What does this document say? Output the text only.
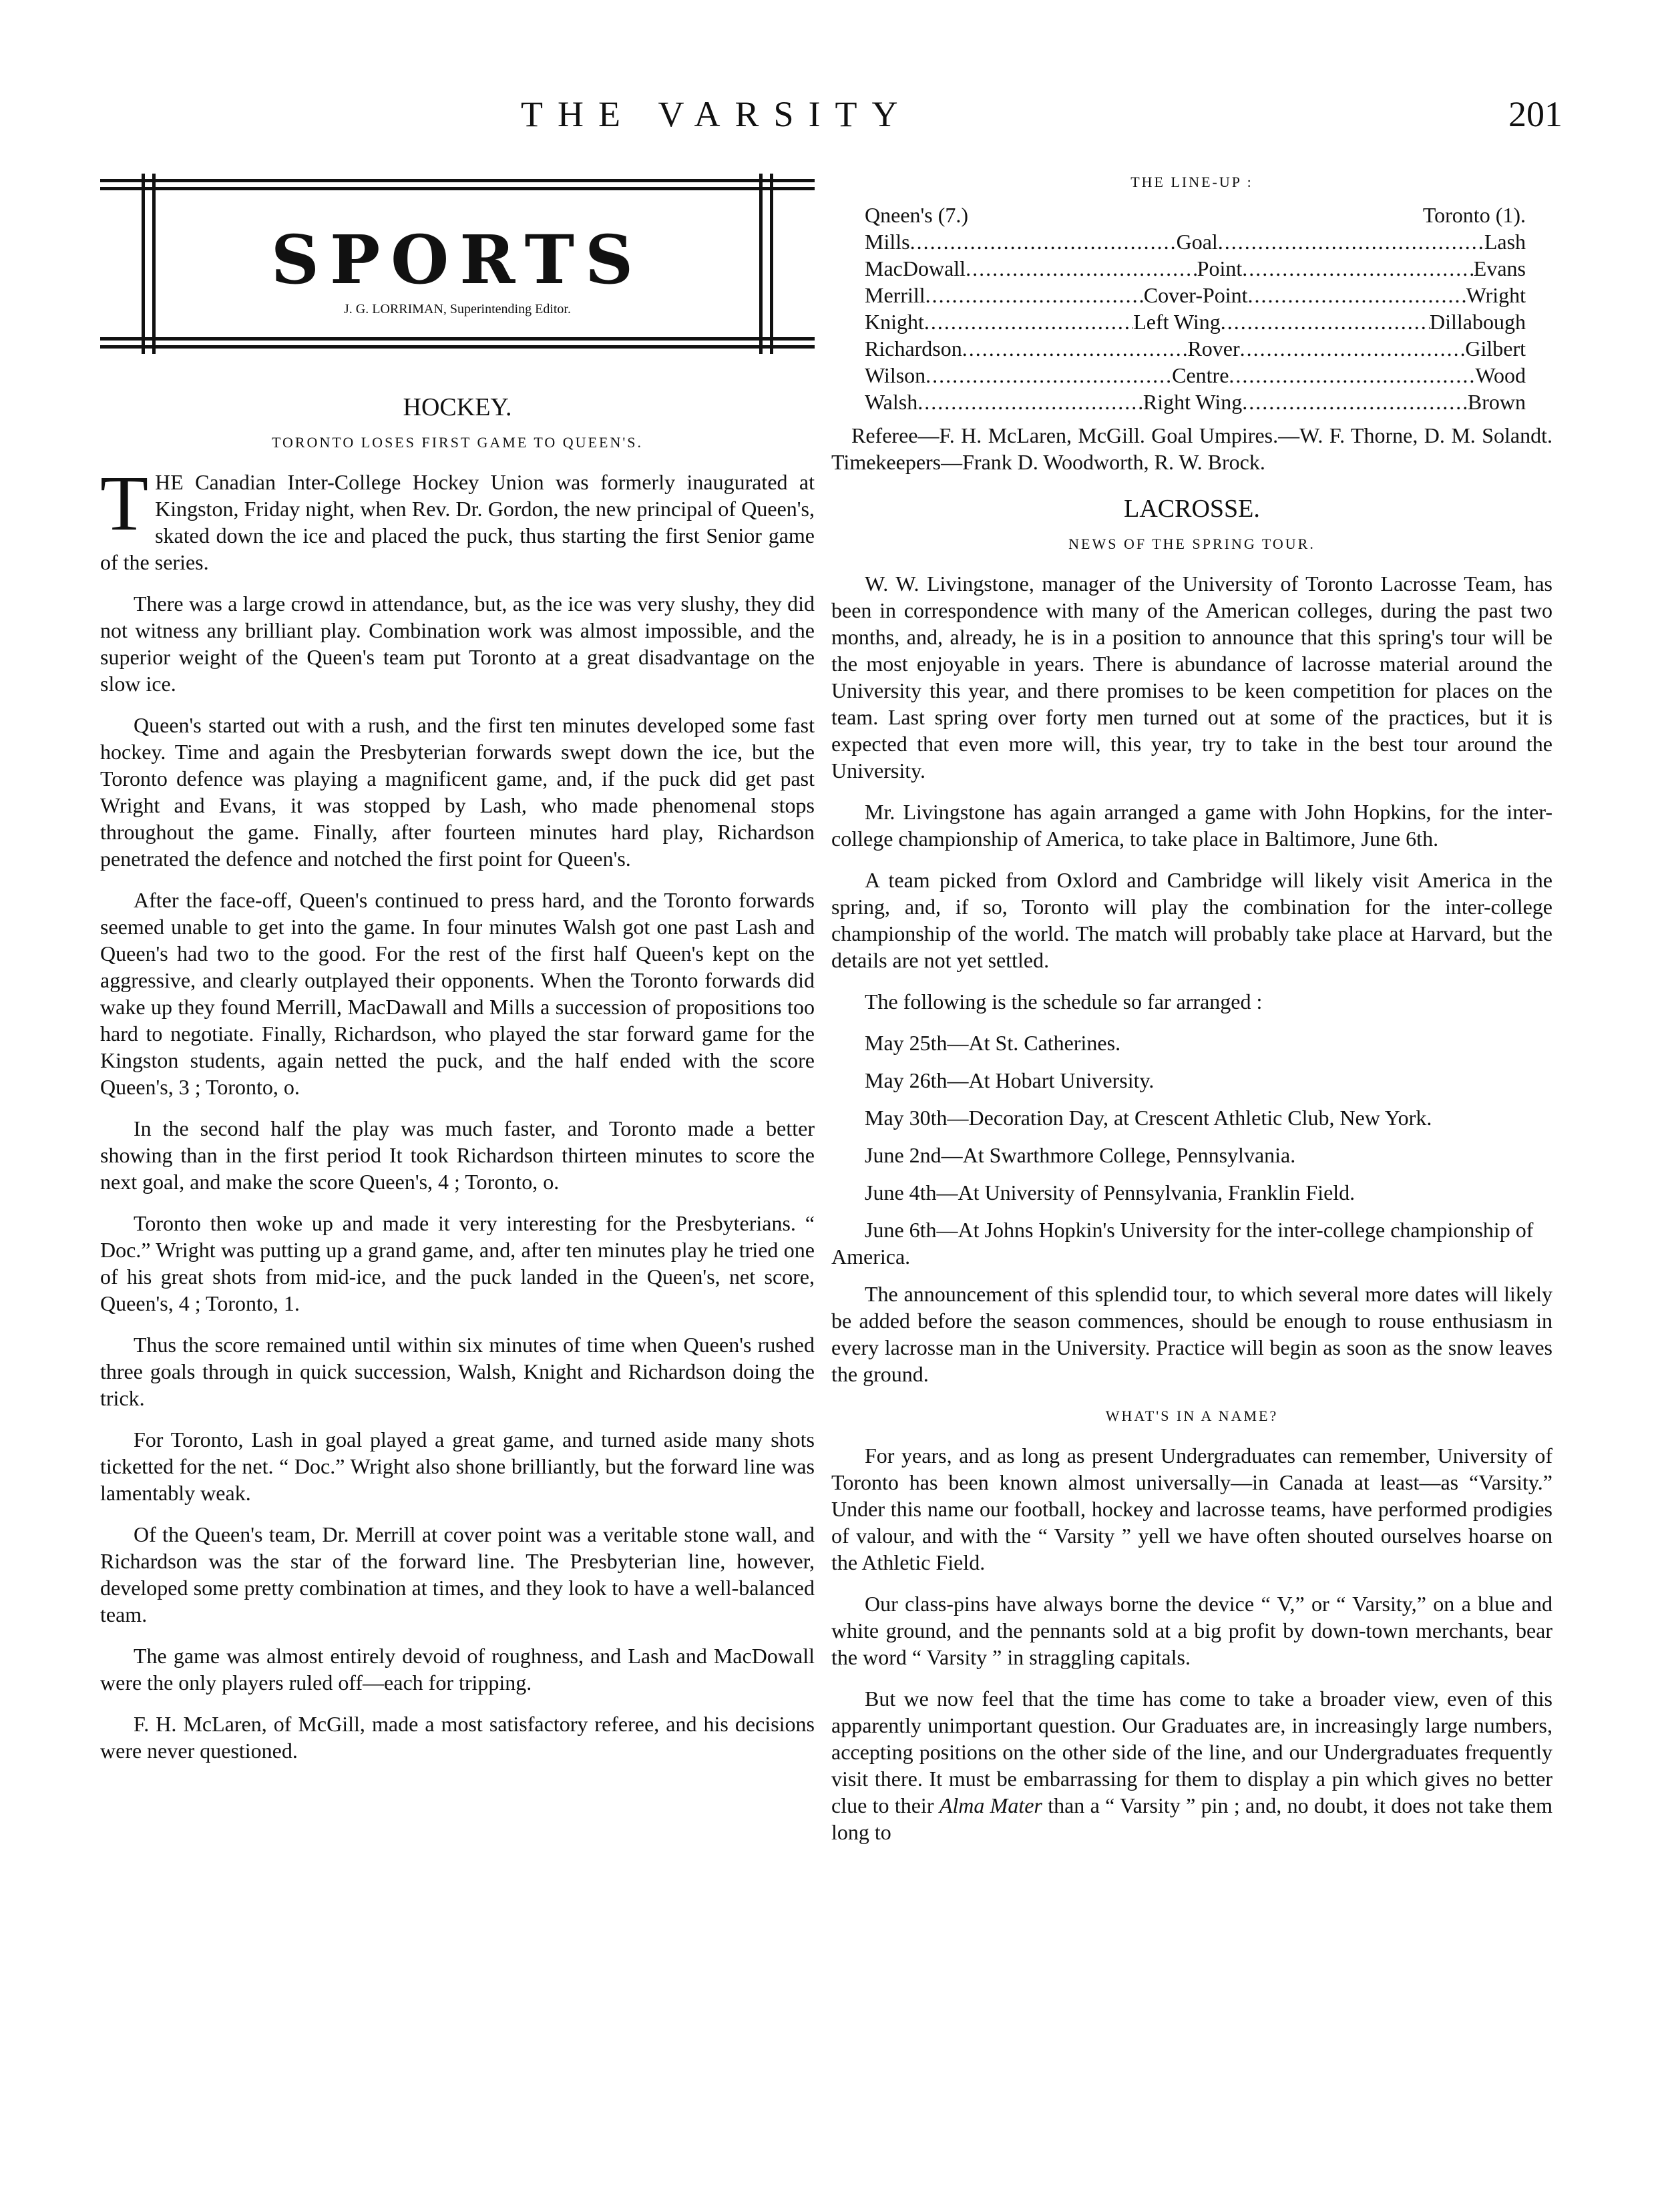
THE VARSITY	201
SPORTS
J. G. LORRIMAN, Superintending Editor.
HOCKEY.
TORONTO LOSES FIRST GAME TO QUEEN'S.

THE Canadian Inter-College Hockey Union was formerly inaugurated at Kingston, Friday night, when Rev. Dr. Gordon, the new principal of Queen's, skated down the ice and placed the puck, thus starting the first Senior game of the series.

There was a large crowd in attendance, but, as the ice was very slushy, they did not witness any brilliant play. Combination work was almost impossible, and the superior weight of the Queen's team put Toronto at a great disadvantage on the slow ice.

Queen's started out with a rush, and the first ten minutes developed some fast hockey. Time and again the Presbyterian forwards swept down the ice, but the Toronto defence was playing a magnificent game, and, if the puck did get past Wright and Evans, it was stopped by Lash, who made phenomenal stops throughout the game. Finally, after fourteen minutes hard play, Richardson penetrated the defence and notched the first point for Queen's.

After the face-off, Queen's continued to press hard, and the Toronto forwards seemed unable to get into the game. In four minutes Walsh got one past Lash and Queen's had two to the good. For the rest of the first half Queen's kept on the aggressive, and clearly outplayed their opponents. When the Toronto forwards did wake up they found Merrill, MacDawall and Mills a succession of propositions too hard to negotiate. Finally, Richardson, who played the star forward game for the Kingston students, again netted the puck, and the half ended with the score Queen's, 3 ; Toronto, o.

In the second half the play was much faster, and Toronto made a better showing than in the first period It took Richardson thirteen minutes to score the next goal, and make the score Queen's, 4 ; Toronto, o.

Toronto then woke up and made it very interesting for the Presbyterians. “ Doc.” Wright was putting up a grand game, and, after ten minutes play he tried one of his great shots from mid-ice, and the puck landed in the Queen's, net score, Queen's, 4 ; Toronto, 1.

Thus the score remained until within six minutes of time when Queen's rushed three goals through in quick succession, Walsh, Knight and Richardson doing the trick.

For Toronto, Lash in goal played a great game, and turned aside many shots ticketted for the net. “ Doc.” Wright also shone brilliantly, but the forward line was lamentably weak.

Of the Queen's team, Dr. Merrill at cover point was a veritable stone wall, and Richardson was the star of the forward line. The Presbyterian line, however, developed some pretty combination at times, and they look to have a well-balanced team.

The game was almost entirely devoid of roughness, and Lash and MacDowall were the only players ruled off—each for tripping.

F. H. McLaren, of McGill, made a most satisfactory referee, and his decisions were never questioned.

THE LINE-UP :
Qneen's (7.)	Toronto (1).
Mills .....	Goal .....	Lash
MacDowall .....	Point .....	Evans
Merrill .....	Cover-Point .....	Wright
Knight .....	Left Wing .....	Dillabough
Richardson .....	Rover .....	Gilbert
Wilson .....	Centre .....	Wood
Walsh .....	Right Wing .....	Brown

Referee—F. H. McLaren, McGill. Goal Umpires.—W. F. Thorne, D. M. Solandt. Timekeepers—Frank D. Woodworth, R. W. Brock.

LACROSSE.
NEWS OF THE SPRING TOUR.

W. W. Livingstone, manager of the University of Toronto Lacrosse Team, has been in correspondence with many of the American colleges, during the past two months, and, already, he is in a position to announce that this spring's tour will be the most enjoyable in years. There is abundance of lacrosse material around the University this year, and there promises to be keen competition for places on the team. Last spring over forty men turned out at some of the practices, but it is expected that even more will, this year, try to take in the best tour around the University.

Mr. Livingstone has again arranged a game with John Hopkins, for the inter-college championship of America, to take place in Baltimore, June 6th.

A team picked from Oxlord and Cambridge will likely visit America in the spring, and, if so, Toronto will play the combination for the inter-college championship of the world. The match will probably take place at Harvard, but the details are not yet settled.

The following is the schedule so far arranged :

May 25th—At St. Catherines.

May 26th—At Hobart University.

May 30th—Decoration Day, at Crescent Athletic Club, New York.

June 2nd—At Swarthmore College, Pennsylvania.

June 4th—At University of Pennsylvania, Franklin Field.

June 6th—At Johns Hopkin's University for the inter-college championship of America.

The announcement of this splendid tour, to which several more dates will likely be added before the season commences, should be enough to rouse enthusiasm in every lacrosse man in the University. Practice will begin as soon as the snow leaves the ground.

WHAT'S IN A NAME?

For years, and as long as present Undergraduates can remember, University of Toronto has been known almost universally—in Canada at least—as “Varsity.” Under this name our football, hockey and lacrosse teams, have performed prodigies of valour, and with the “ Varsity ” yell we have often shouted ourselves hoarse on the Athletic Field.

Our class-pins have always borne the device “ V,” or “ Varsity,” on a blue and white ground, and the pennants sold at a big profit by down-town merchants, bear the word “ Varsity ” in straggling capitals.

But we now feel that the time has come to take a broader view, even of this apparently unimportant question. Our Graduates are, in increasingly large numbers, accepting positions on the other side of the line, and our Undergraduates frequently visit there. It must be embarrassing for them to display a pin which gives no better clue to their Alma Mater than a “ Varsity ” pin ; and, no doubt, it does not take them long to
